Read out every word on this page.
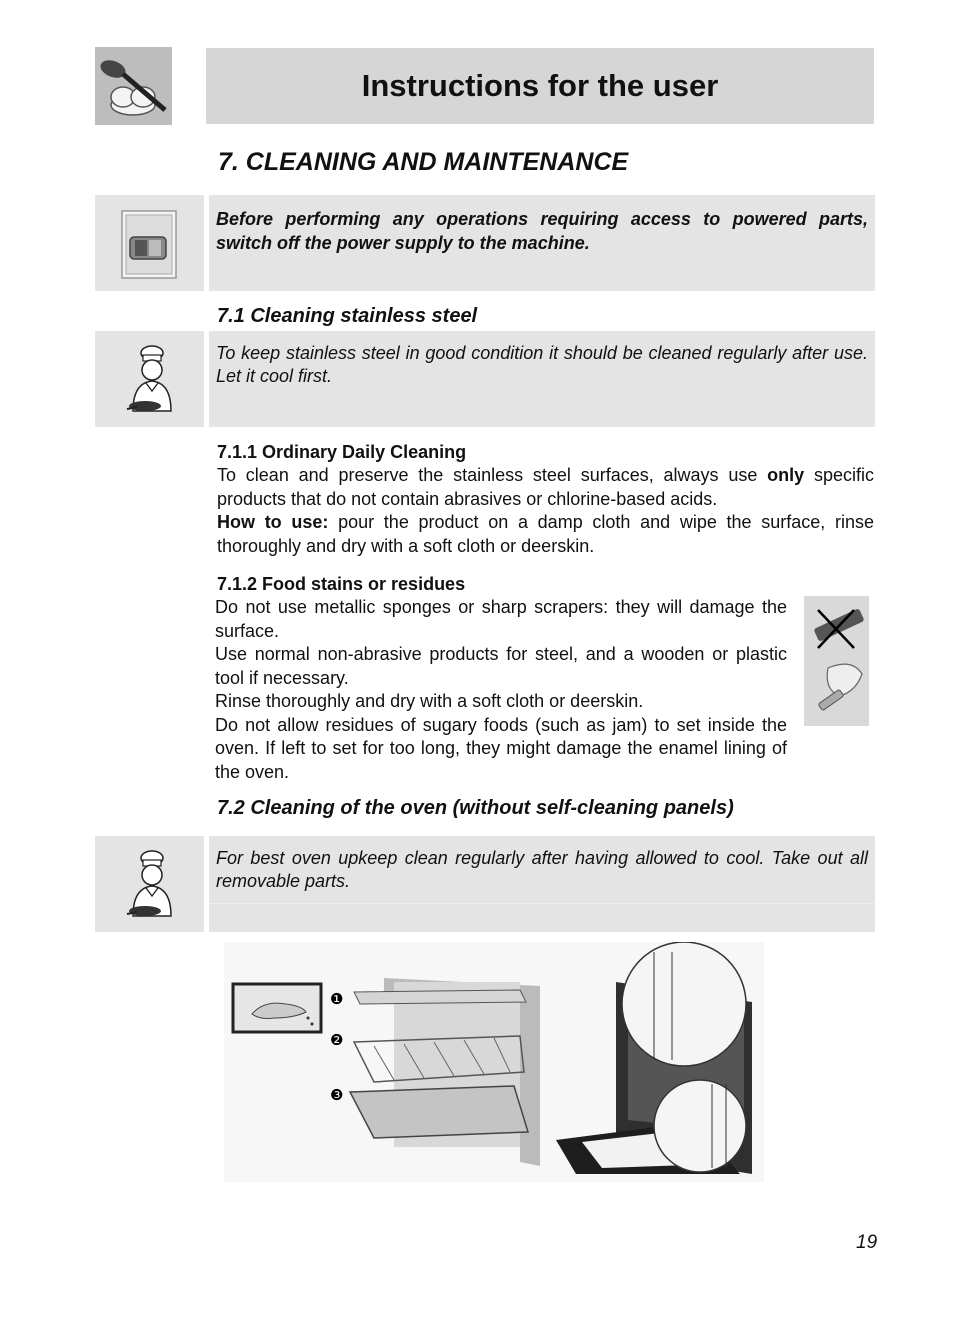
Instructions for the user
7. CLEANING AND MAINTENANCE
Before performing any operations requiring access to powered parts, switch off the power supply to the machine.
7.1 Cleaning stainless steel
To keep stainless steel in good condition it should be cleaned regularly after use. Let it cool first.
7.1.1 Ordinary Daily Cleaning

To clean and preserve the stainless steel surfaces, always use only specific products that do not contain abrasives or chlorine-based acids.

How to use: pour the product on a damp cloth and wipe the surface, rinse thoroughly and dry with a soft cloth or deerskin.

7.1.2 Food stains or residues

Do not use metallic sponges or sharp scrapers: they will damage the surface.

Use normal non-abrasive products for steel, and a wooden or plastic tool if necessary.

Rinse thoroughly and dry with a soft cloth or deerskin.

Do not allow residues of sugary foods (such as jam) to set inside the oven. If left to set for too long, they might damage the enamel lining of the oven.

7.2 Cleaning of the oven (without self-cleaning panels)
For best oven upkeep clean regularly after having allowed to cool. Take out all removable parts.
❶
❷
❸
19
